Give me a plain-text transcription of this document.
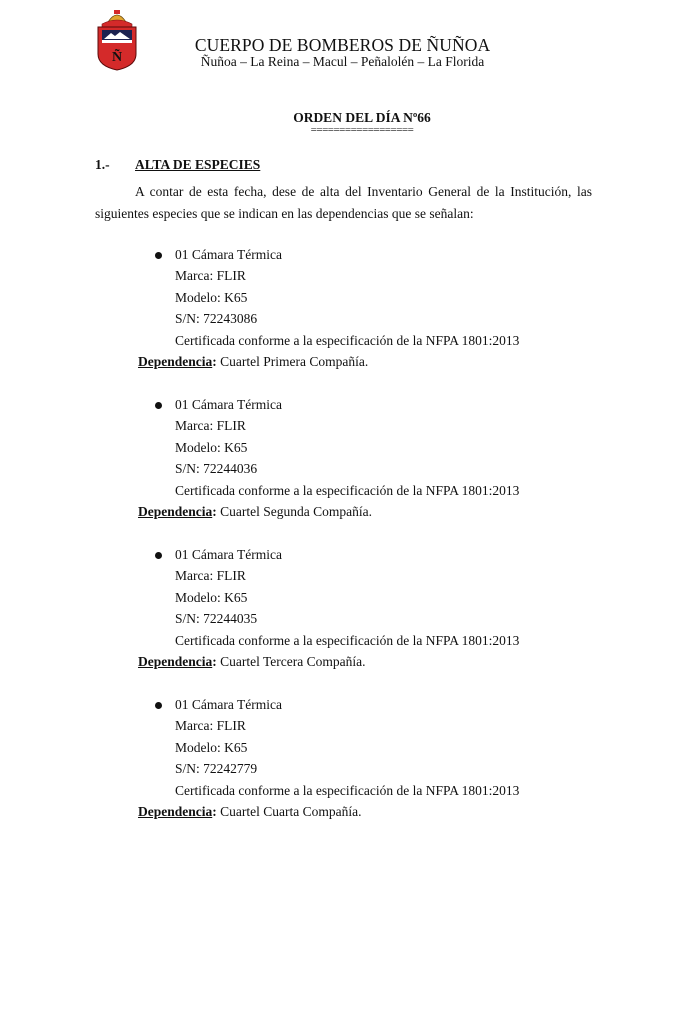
Ñ
CUERPO DE BOMBEROS DE ÑUÑOA
Ñuñoa – La Reina – Macul – Peñalolén – La Florida
ORDEN DEL DÍA Nº66
==================
1.- ALTA DE ESPECIES

A contar de esta fecha, dese de alta del Inventario General de la Institución, las siguientes especies que se indican en las dependencias que se señalan:

01 Cámara Térmica
Marca: FLIR
Modelo: K65
S/N: 72243086
Certificada conforme a la especificación de la NFPA 1801:2013
Dependencia: Cuartel Primera Compañía.
01 Cámara Térmica
Marca: FLIR
Modelo: K65
S/N: 72244036
Certificada conforme a la especificación de la NFPA 1801:2013
Dependencia: Cuartel Segunda Compañía.
01 Cámara Térmica
Marca: FLIR
Modelo: K65
S/N: 72244035
Certificada conforme a la especificación de la NFPA 1801:2013
Dependencia: Cuartel Tercera Compañía.
01 Cámara Térmica
Marca: FLIR
Modelo: K65
S/N: 72242779
Certificada conforme a la especificación de la NFPA 1801:2013
Dependencia: Cuartel Cuarta Compañía.
